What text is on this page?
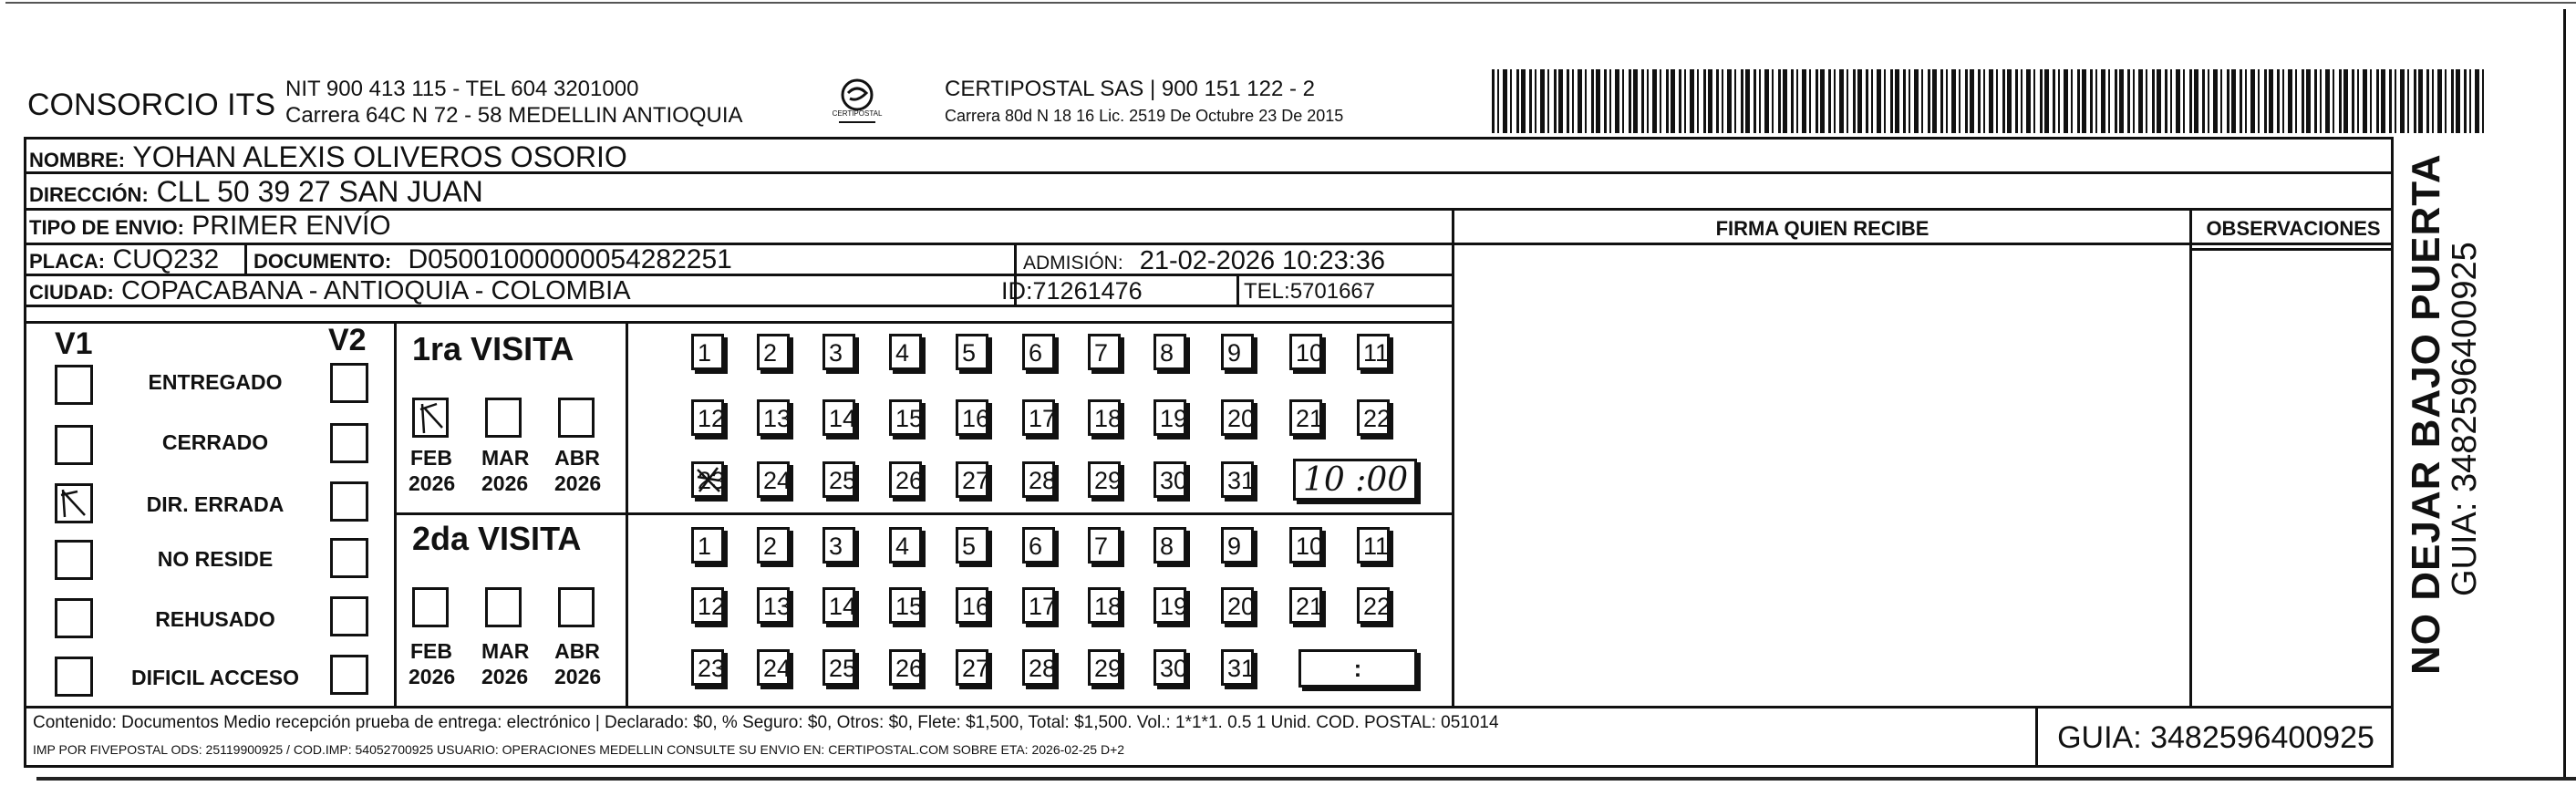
CONSORCIO ITS NIT 900 413 115 - TEL 604 3201000
Carrera 64C N 72 - 58 MEDELLIN ANTIOQUIA	CERTIPOSTAL
CERTIPOSTAL SAS | 900 151 122 - 2
Carrera 80d N 18 16 Lic. 2519 De Octubre 23 De 2015
NOMBRE: YOHAN ALEXIS OLIVEROS OSORIO
DIRECCIÓN: CLL 50 39 27 SAN JUAN
TIPO DE ENVIO: PRIMER ENVÍO
PLACA: CUQ232 DOCUMENTO: D05001000000054282251	ADMISIÓN: 21-02-2026 10:23:36
CIUDAD: COPACABANA - ANTIOQUIA - COLOMBIA	ID:71261476	TEL:5701667
FIRMA QUIEN RECIBE	OBSERVACIONES
V1	V2
ENTREGADO
CERRADO
DIR. ERRADA
NO RESIDE
REHUSADO
DIFICIL ACCESO
1ra VISITA
FEB
2026
MAR
2026
ABR
2026
1	2	3	4	5	6	7	8	9	10 11
12 13 14 15 16 17 18 19 20 21 22
23 24 25 26 27 28 29 30 31 10 :00
2da VISITA
FEB
2026
MAR
2026
ABR
2026
1	2	3	4	5	6	7	8	9	10 11
12 13 14 15 16 17 18 19 20 21 22
23 24 25 26 27 28 29 30 31	:
Contenido: Documentos Medio recepción prueba de entrega: electrónico | Declarado: $0, % Seguro: $0, Otros: $0, Flete: $1,500, Total: $1,500. Vol.: 1*1*1. 0.5 1 Unid. COD. POSTAL: 051014
IMP POR FIVEPOSTAL ODS: 25119900925 / COD.IMP: 54052700925 USUARIO: OPERACIONES MEDELLIN CONSULTE SU ENVIO EN: CERTIPOSTAL.COM SOBRE ETA: 2026-02-25 D+2	GUIA: 3482596400925
NO DEJAR BAJO PUERTA
GUIA: 3482596400925
